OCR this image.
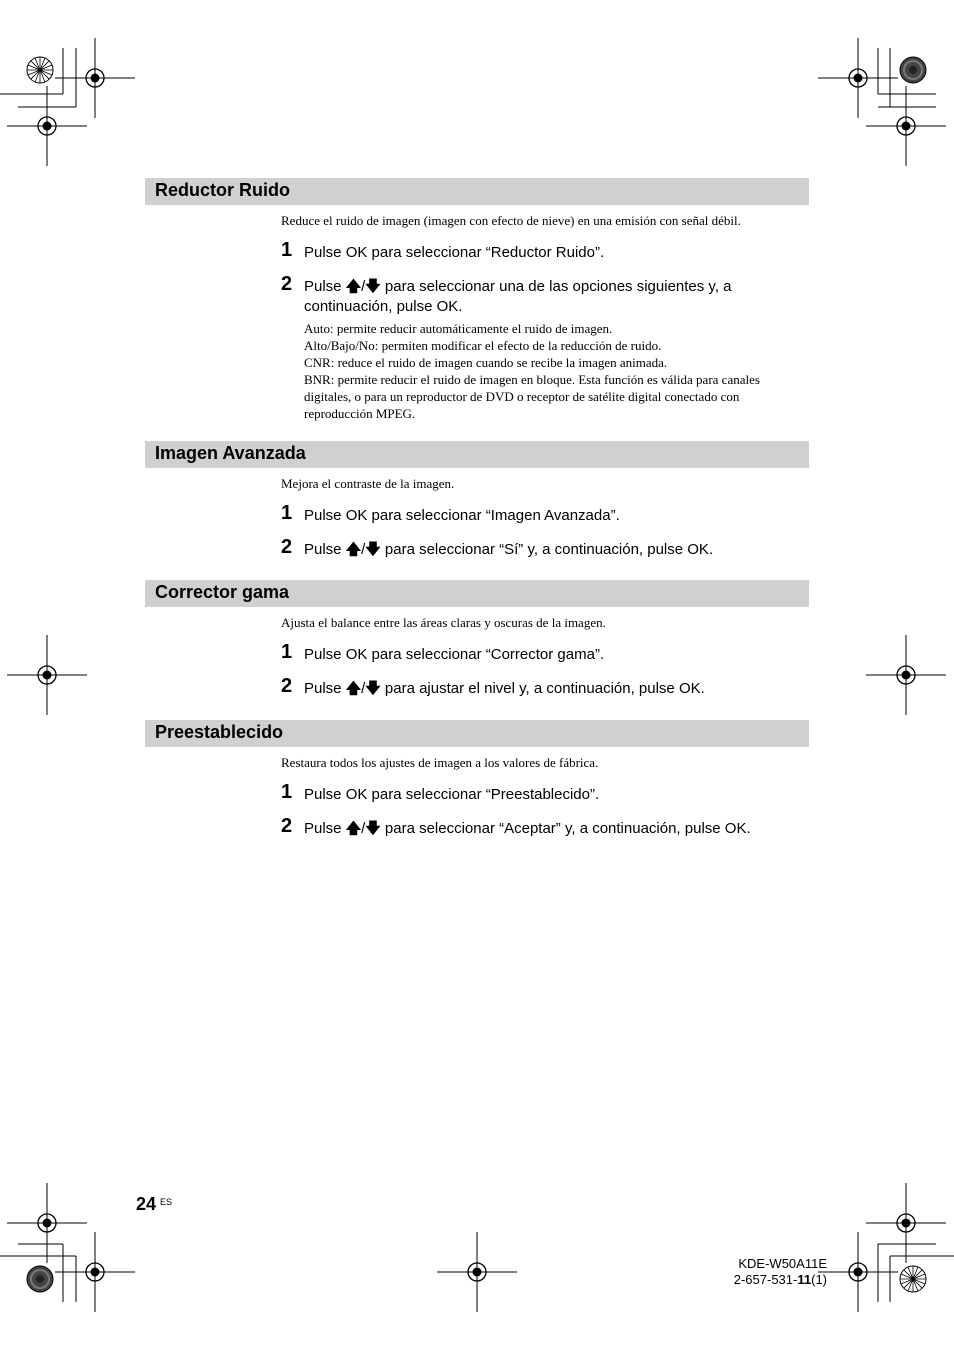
Reductor Ruido
Reduce el ruido de imagen (imagen con efecto de nieve) en una emisión con señal débil.
1 Pulse OK para seleccionar “Reductor Ruido”.
2 Pulse 🡅/🡇 para seleccionar una de las opciones siguientes y, a continuación, pulse OK.
Auto: permite reducir automáticamente el ruido de imagen.
Alto/Bajo/No: permiten modificar el efecto de la reducción de ruido.
CNR: reduce el ruido de imagen cuando se recibe la imagen animada.
BNR: permite reducir el ruido de imagen en bloque. Esta función es válida para canales
digitales, o para un reproductor de DVD o receptor de satélite digital conectado con
reproducción MPEG.
Imagen Avanzada
Mejora el contraste de la imagen.
1 Pulse OK para seleccionar “Imagen Avanzada”.
2 Pulse 🡅/🡇 para seleccionar “Sí” y, a continuación, pulse OK.
Corrector gama
Ajusta el balance entre las áreas claras y oscuras de la imagen.
1 Pulse OK para seleccionar “Corrector gama”.
2 Pulse 🡅/🡇 para ajustar el nivel y, a continuación, pulse OK.
Preestablecido
Restaura todos los ajustes de imagen a los valores de fábrica.
1 Pulse OK para seleccionar “Preestablecido”.
2 Pulse 🡅/🡇 para seleccionar “Aceptar” y, a continuación, pulse OK.
24 $^{ES}$
KDE-W50A11E
2-657-531-11(1)
